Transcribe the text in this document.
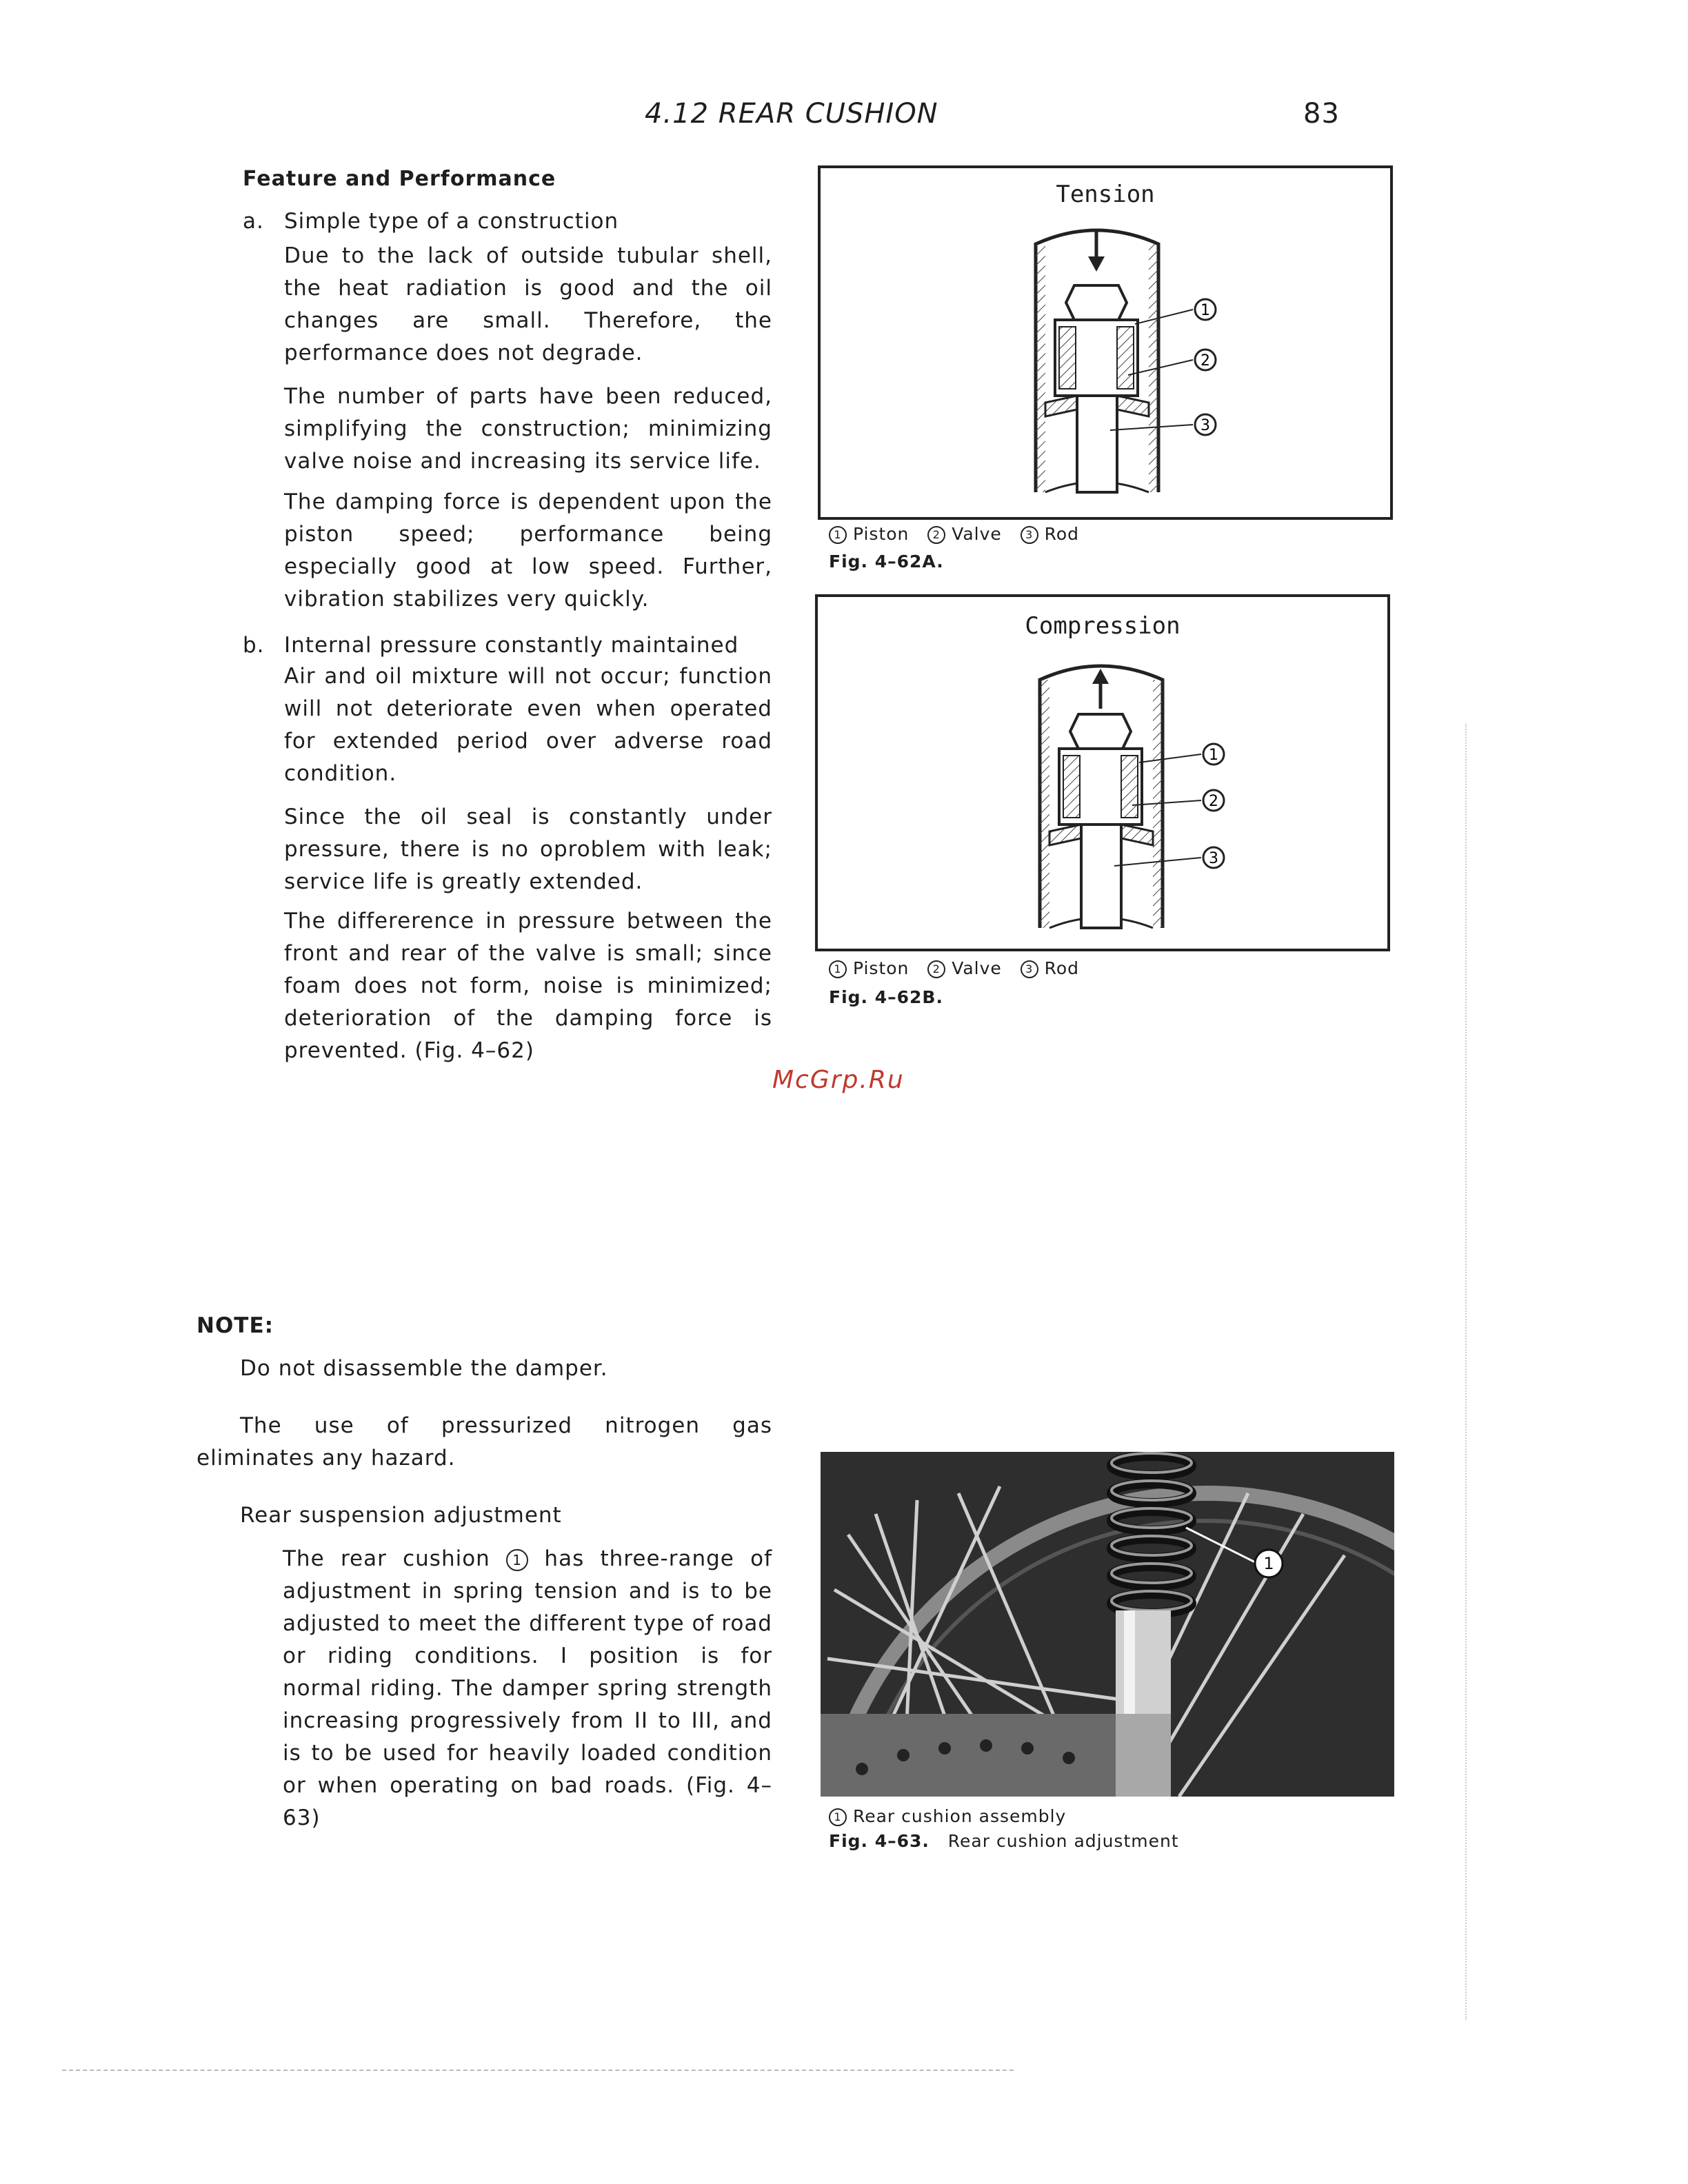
4.12 REAR CUSHION	83
Feature and Performance
a. Simple type of a construction
Due to the lack of outside tubular shell, the heat radiation is good and the oil changes are small. Therefore, the performance does not degrade.
The number of parts have been reduced, simplifying the construction; minimizing valve noise and increasing its service life.
The damping force is dependent upon the piston speed; performance being especially good at low speed. Further, vibration stabilizes very quickly.
b. Internal pressure constantly maintained
Air and oil mixture will not occur; function will not deteriorate even when operated for extended period over adverse road condition.
Since the oil seal is constantly under pressure, there is no oproblem with leak; service life is greatly extended.
The differerence in pressure between the front and rear of the valve is small; since foam does not form, noise is minimized; deterioration of the damping force is prevented. (Fig. 4–62)
McGrp.Ru
NOTE:
Do not disassemble the damper.
The use of pressurized nitrogen gas eliminates any hazard.
Rear suspension adjustment
The rear cushion 1 has three-range of adjustment in spring tension and is to be adjusted to meet the different type of road or riding conditions. I position is for normal riding. The damper spring strength increasing progressively from II to III, and is to be used for heavily loaded condition or when operating on bad roads. (Fig. 4–63)
Tension
1
2
3
1 Piston 2 Valve 3 Rod
Fig. 4–62A.
Compression
1
2
3
1 Piston 2 Valve 3 Rod
Fig. 4–62B.
1
1 Rear cushion assembly
Fig. 4–63. Rear cushion adjustment
